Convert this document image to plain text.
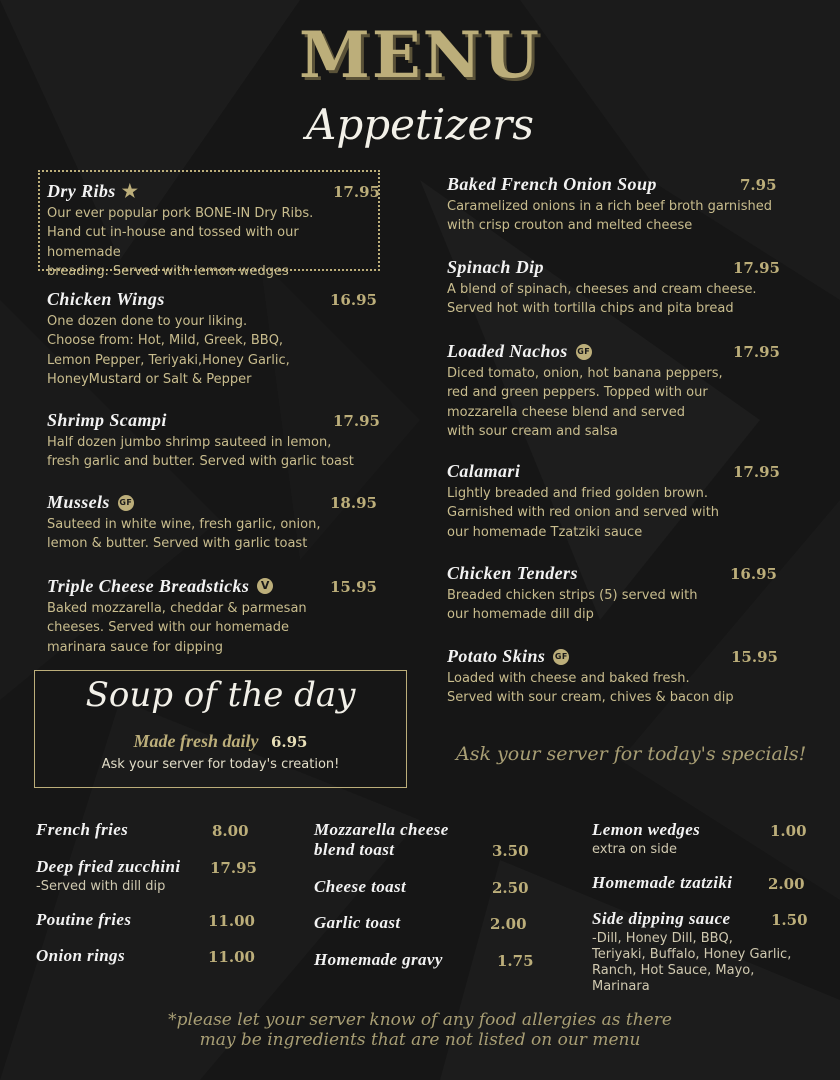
MENU
Appetizers
Dry Ribs ★	17.95
Our ever popular pork BONE-IN Dry Ribs.
Hand cut in-house and tossed with our homemade
breading. Served with lemon wedges
Chicken Wings	16.95
One dozen done to your liking.
Choose from: Hot, Mild, Greek, BBQ,
Lemon Pepper, Teriyaki,Honey Garlic,
HoneyMustard or Salt & Pepper
Shrimp Scampi	17.95
Half dozen jumbo shrimp sauteed in lemon,
fresh garlic and butter. Served with garlic toast
Mussels GF	18.95
Sauteed in white wine, fresh garlic, onion,
lemon & butter. Served with garlic toast
Triple Cheese Breadsticks V	15.95
Baked mozzarella, cheddar & parmesan
cheeses. Served with our homemade
marinara sauce for dipping
Baked French Onion Soup	7.95
Caramelized onions in a rich beef broth garnished
with crisp crouton and melted cheese
Spinach Dip	17.95
A blend of spinach, cheeses and cream cheese.
Served hot with tortilla chips and pita bread
Loaded Nachos GF	17.95
Diced tomato, onion, hot banana peppers,
red and green peppers. Topped with our
mozzarella cheese blend and served
with sour cream and salsa
Calamari	17.95
Lightly breaded and fried golden brown.
Garnished with red onion and served with
our homemade Tzatziki sauce
Chicken Tenders	16.95
Breaded chicken strips (5) served with
our homemade dill dip
Potato Skins GF	15.95
Loaded with cheese and baked fresh.
Served with sour cream, chives & bacon dip
Soup of the day
Made fresh daily 6.95
Ask your server for today's creation!	Ask your server for today's specials!
French fries	8.00
Deep fried zucchini	17.95
-Served with dill dip
Poutine fries	11.00
Onion rings	11.00
Mozzarella cheese
blend toast	3.50
Cheese toast	2.50
Garlic toast	2.00
Homemade gravy	1.75
Lemon wedges	1.00
extra on side
Homemade tzatziki	2.00
Side dipping sauce	1.50
-Dill, Honey Dill, BBQ,
Teriyaki, Buffalo, Honey Garlic,
Ranch, Hot Sauce, Mayo,
Marinara
*please let your server know of any food allergies as there
may be ingredients that are not listed on our menu
